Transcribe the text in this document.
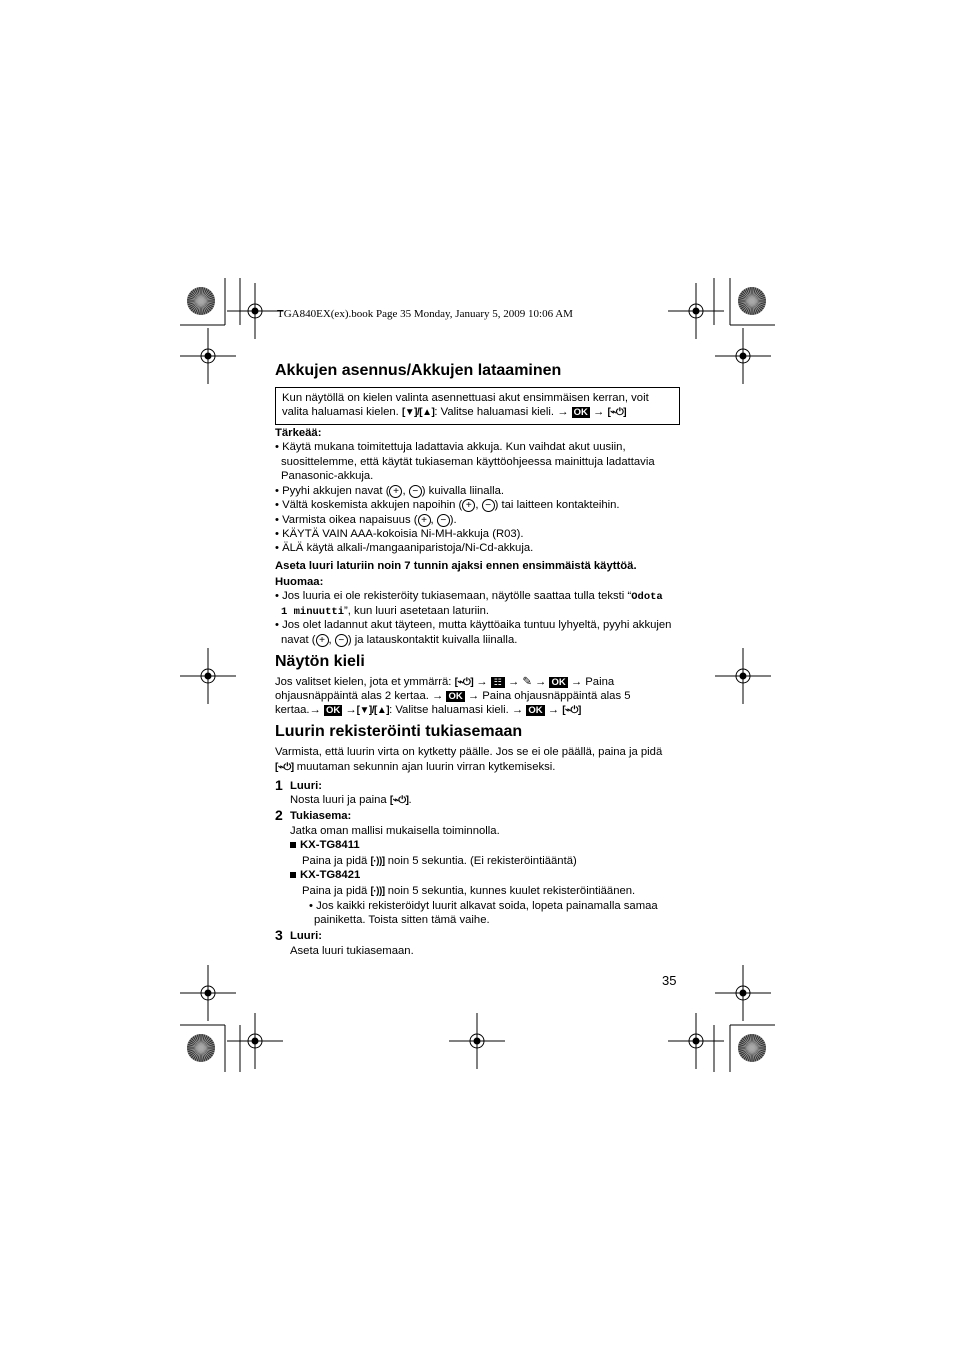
TGA840EX(ex).book Page 35 Monday, January 5, 2009 10:06 AM
Akkujen asennus/Akkujen lataaminen
Kun näytöllä on kielen valinta asennettuasi akut ensimmäisen kerran, voit
valita haluamasi kielen. [▼]/[▲]: Valitse haluamasi kieli. → OK → [⌁⏻]
Tärkeää:
• Käytä mukana toimitettuja ladattavia akkuja. Kun vaihdat akut uusiin,
suosittelemme, että käytät tukiaseman käyttöohjeessa mainittuja ladattavia
Panasonic-akkuja.
• Pyyhi akkujen navat ( + , − ) kuivalla liinalla.
• Vältä koskemista akkujen napoihin ( + , − ) tai laitteen kontakteihin.
• Varmista oikea napaisuus ( + , − ).
• KÄYTÄ VAIN AAA-kokoisia Ni-MH-akkuja (R03).
• ÄLÄ käytä alkali-/mangaaniparistoja/Ni-Cd-akkuja.
Aseta luuri laturiin noin 7 tunnin ajaksi ennen ensimmäistä käyttöä.
Huomaa:
• Jos luuria ei ole rekisteröity tukiasemaan, näytölle saattaa tulla teksti “Odota
1 minuutti”, kun luuri asetetaan laturiin.
• Jos olet ladannut akut täyteen, mutta käyttöaika tuntuu lyhyeltä, pyyhi akkujen
navat ( + , − ) ja latauskontaktit kuivalla liinalla.
Näytön kieli
Jos valitset kielen, jota et ymmärrä: [⌁⏻] → ☷ → ✎ → OK → Paina
ohjausnäppäintä alas 2 kertaa. → OK → Paina ohjausnäppäintä alas 5
kertaa.→ OK →[▼]/[▲]: Valitse haluamasi kieli. → OK → [⌁⏻]
Luurin rekisteröinti tukiasemaan
Varmista, että luurin virta on kytketty päälle. Jos se ei ole päällä, paina ja pidä
[⌁⏻] muutaman sekunnin ajan luurin virran kytkemiseksi.
1 Luuri:
Nosta luuri ja paina [⌁⏻].
2 Tukiasema:
Jatka oman mallisi mukaisella toiminnolla.
KX-TG8411
Paina ja pidä [·))] noin 5 sekuntia. (Ei rekisteröintiääntä)
KX-TG8421
Paina ja pidä [·))] noin 5 sekuntia, kunnes kuulet rekisteröintiäänen.
• Jos kaikki rekisteröidyt luurit alkavat soida, lopeta painamalla samaa
painiketta. Toista sitten tämä vaihe.
3 Luuri:
Aseta luuri tukiasemaan.
35
